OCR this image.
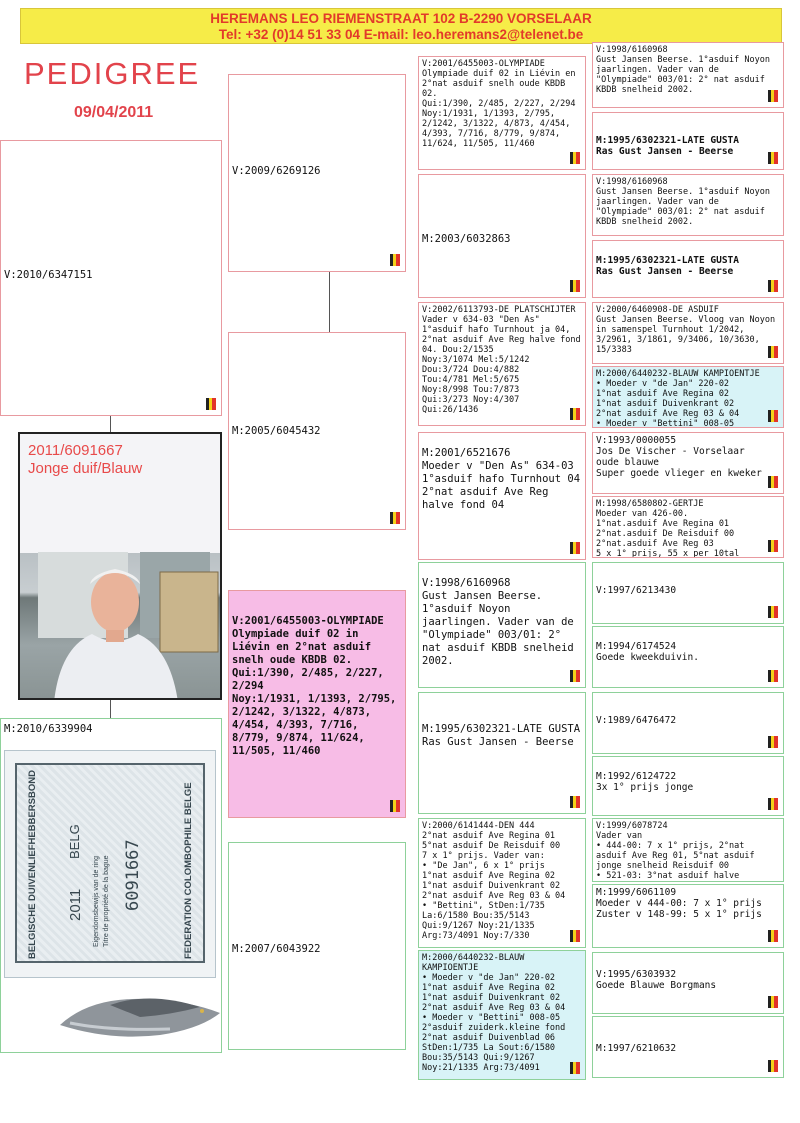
HEREMANS LEO RIEMENSTRAAT 102 B-2290 VORSELAAR
Tel: +32 (0)14 51 33 04 E-mail: leo.heremans2@telenet.be
PEDIGREE
09/04/2011
V:2010/6347151
2011/6091667
Jonge duif/Blauw
M:2010/6339904
BELGISCHE DUIVENLIEFHEBBERSBOND	FEDERATION COLOMBOPHILE BELGE
2011
BELG
Eigendomsbewijs van de ring Titre de propriété de la bague 6091667
V:2009/6269126
M:2005/6045432
V:2001/6455003-OLYMPIADE
Olympiade duif 02 in Liévin en 2°nat asduif snelh oude KBDB 02.
Qui:1/390, 2/485, 2/227, 2/294
Noy:1/1931, 1/1393, 2/795, 2/1242, 3/1322, 4/873, 4/454, 4/393, 7/716, 8/779, 9/874, 11/624, 11/505, 11/460
M:2007/6043922
V:2001/6455003-OLYMPIADE
Olympiade duif 02 in Liévin en 2°nat asduif snelh oude KBDB 02.
Qui:1/390, 2/485, 2/227, 2/294
Noy:1/1931, 1/1393, 2/795, 2/1242, 3/1322, 4/873, 4/454, 4/393, 7/716, 8/779, 9/874, 11/624, 11/505, 11/460
M:2003/6032863
V:2002/6113793-DE PLATSCHIJTER
Vader v 634-03 "Den As"
1°asduif hafo Turnhout ja 04, 2°nat asduif Ave Reg halve fond 04. Dou:2/1535
Noy:3/1074 Mel:5/1242
Dou:3/724 Dou:4/882
Tou:4/781 Mel:5/675
Noy:8/998 Tou:7/873
Qui:3/273 Noy:4/307
Qui:26/1436
M:2001/6521676
Moeder v "Den As" 634-03
1°asduif hafo Turnhout 04
2°nat asduif Ave Reg halve fond 04
V:1998/6160968
Gust Jansen Beerse. 1°asduif Noyon jaarlingen. Vader van de "Olympiade" 003/01: 2° nat asduif KBDB snelheid 2002.
M:1995/6302321-LATE GUSTA
Ras Gust Jansen - Beerse
V:2000/6141444-DEN 444
2°nat asduif Ave Regina 01
5°nat asduif De Reisduif 00
7 x 1° prijs. Vader van:
• "De Jan", 6 x 1° prijs
1°nat asduif Ave Regina 02
1°nat asduif Duivenkrant 02
2°nat asduif Ave Reg 03 & 04
• "Bettini", StDen:1/735
La:6/1580 Bou:35/5143
Qui:9/1267 Noy:21/1335
Arg:73/4091 Noy:7/330
M:2000/6440232-BLAUW KAMPIOENTJE
• Moeder v "de Jan" 220-02
1°nat asduif Ave Regina 02
1°nat asduif Duivenkrant 02
2°nat asduif Ave Reg 03 & 04
• Moeder v "Bettini" 008-05
2°asduif zuiderk.kleine fond
2°nat asduif Duivenblad 06
StDen:1/735 La Sout:6/1580
Bou:35/5143 Qui:9/1267
Noy:21/1335 Arg:73/4091
V:1998/6160968
Gust Jansen Beerse. 1°asduif Noyon jaarlingen. Vader van de "Olympiade" 003/01: 2° nat asduif KBDB snelheid 2002.
M:1995/6302321-LATE GUSTA
Ras Gust Jansen - Beerse
V:1998/6160968
Gust Jansen Beerse. 1°asduif Noyon jaarlingen. Vader van de "Olympiade" 003/01: 2° nat asduif KBDB snelheid 2002.
M:1995/6302321-LATE GUSTA
Ras Gust Jansen - Beerse
V:2000/6460908-DE ASDUIF
Gust Jansen Beerse. Vloog van Noyon in samenspel Turnhout 1/2042, 3/2961, 3/1861, 9/3406, 10/3630, 15/3383
M:2000/6440232-BLAUW KAMPIOENTJE
• Moeder v "de Jan" 220-02
1°nat asduif Ave Regina 02
1°nat asduif Duivenkrant 02
2°nat asduif Ave Reg 03 & 04
• Moeder v "Bettini" 008-05
V:1993/0000055
Jos De Vischer - Vorselaar
oude blauwe
Super goede vlieger en kweker
M:1998/6580802-GERTJE
Moeder van 426-00.
1°nat.asduif Ave Regina 01
2°nat.asduif De Reisduif 00
2°nat.asduif Ave Reg 03
5 x 1° prijs, 55 x per 10tal
V:1997/6213430
M:1994/6174524
Goede kweekduivin.
V:1989/6476472
M:1992/6124722
3x 1° prijs jonge
V:1999/6078724
Vader van
• 444-00: 7 x 1° prijs, 2°nat asduif Ave Reg 01, 5°nat asduif jonge snelheid Reisduif 00
• 521-03: 3°nat asduif halve
M:1999/6061109
Moeder v 444-00: 7 x 1° prijs
Zuster v 148-99: 5 x 1° prijs
V:1995/6303932
Goede Blauwe Borgmans
M:1997/6210632
